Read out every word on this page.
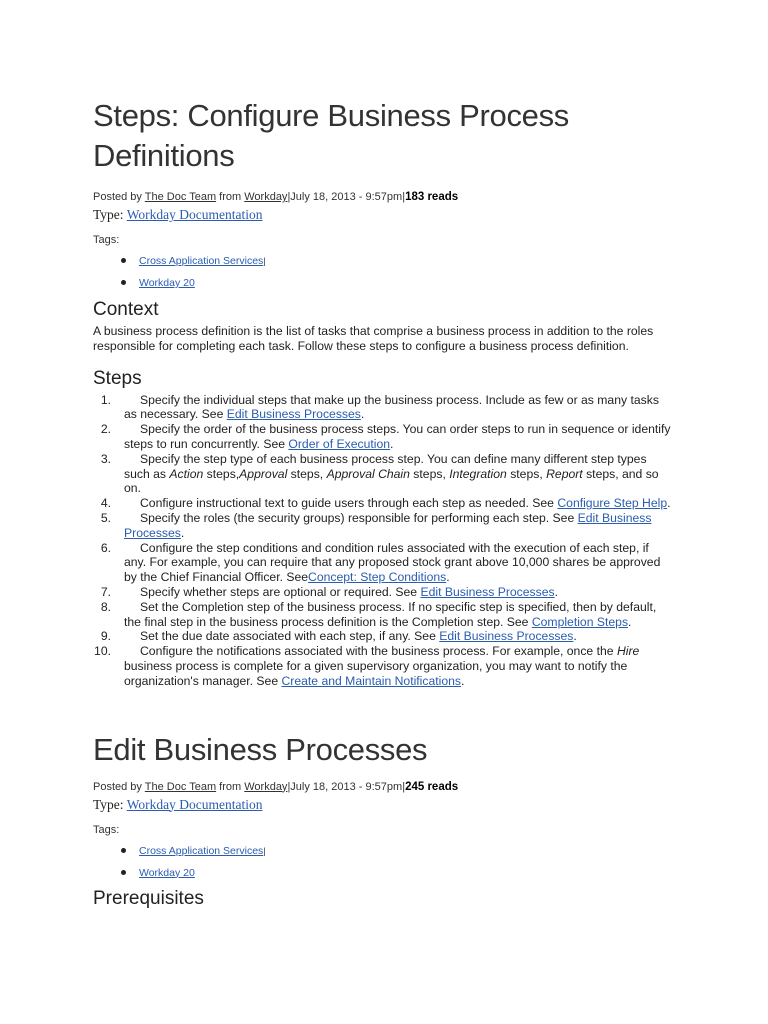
Steps: Configure Business Process Definitions
Posted by The Doc Team from Workday|July 18, 2013 - 9:57pm|183 reads
Type: Workday Documentation
Tags:
Cross Application Services|
Workday 20
Context

A business process definition is the list of tasks that comprise a business process in addition to the roles responsible for completing each task. Follow these steps to configure a business process definition.

Steps
1.	Specify the individual steps that make up the business process. Include as few or as many tasks as necessary. See Edit Business Processes.
2.	Specify the order of the business process steps. You can order steps to run in sequence or identify steps to run concurrently. See Order of Execution.
3.	Specify the step type of each business process step. You can define many different step types such as Action steps,Approval steps, Approval Chain steps, Integration steps, Report steps, and so on.
4.	Configure instructional text to guide users through each step as needed. See Configure Step Help.
5.	Specify the roles (the security groups) responsible for performing each step. See Edit Business Processes.
6.	Configure the step conditions and condition rules associated with the execution of each step, if any. For example, you can require that any proposed stock grant above 10,000 shares be approved by the Chief Financial Officer. SeeConcept: Step Conditions.
7.	Specify whether steps are optional or required. See Edit Business Processes.
8.	Set the Completion step of the business process. If no specific step is specified, then by default, the final step in the business process definition is the Completion step. See Completion Steps.
9.	Set the due date associated with each step, if any. See Edit Business Processes.
10.	Configure the notifications associated with the business process. For example, once the Hire business process is complete for a given supervisory organization, you may want to notify the organization's manager. See Create and Maintain Notifications.
Edit Business Processes
Posted by The Doc Team from Workday|July 18, 2013 - 9:57pm|245 reads
Type: Workday Documentation
Tags:
Cross Application Services|
Workday 20
Prerequisites
